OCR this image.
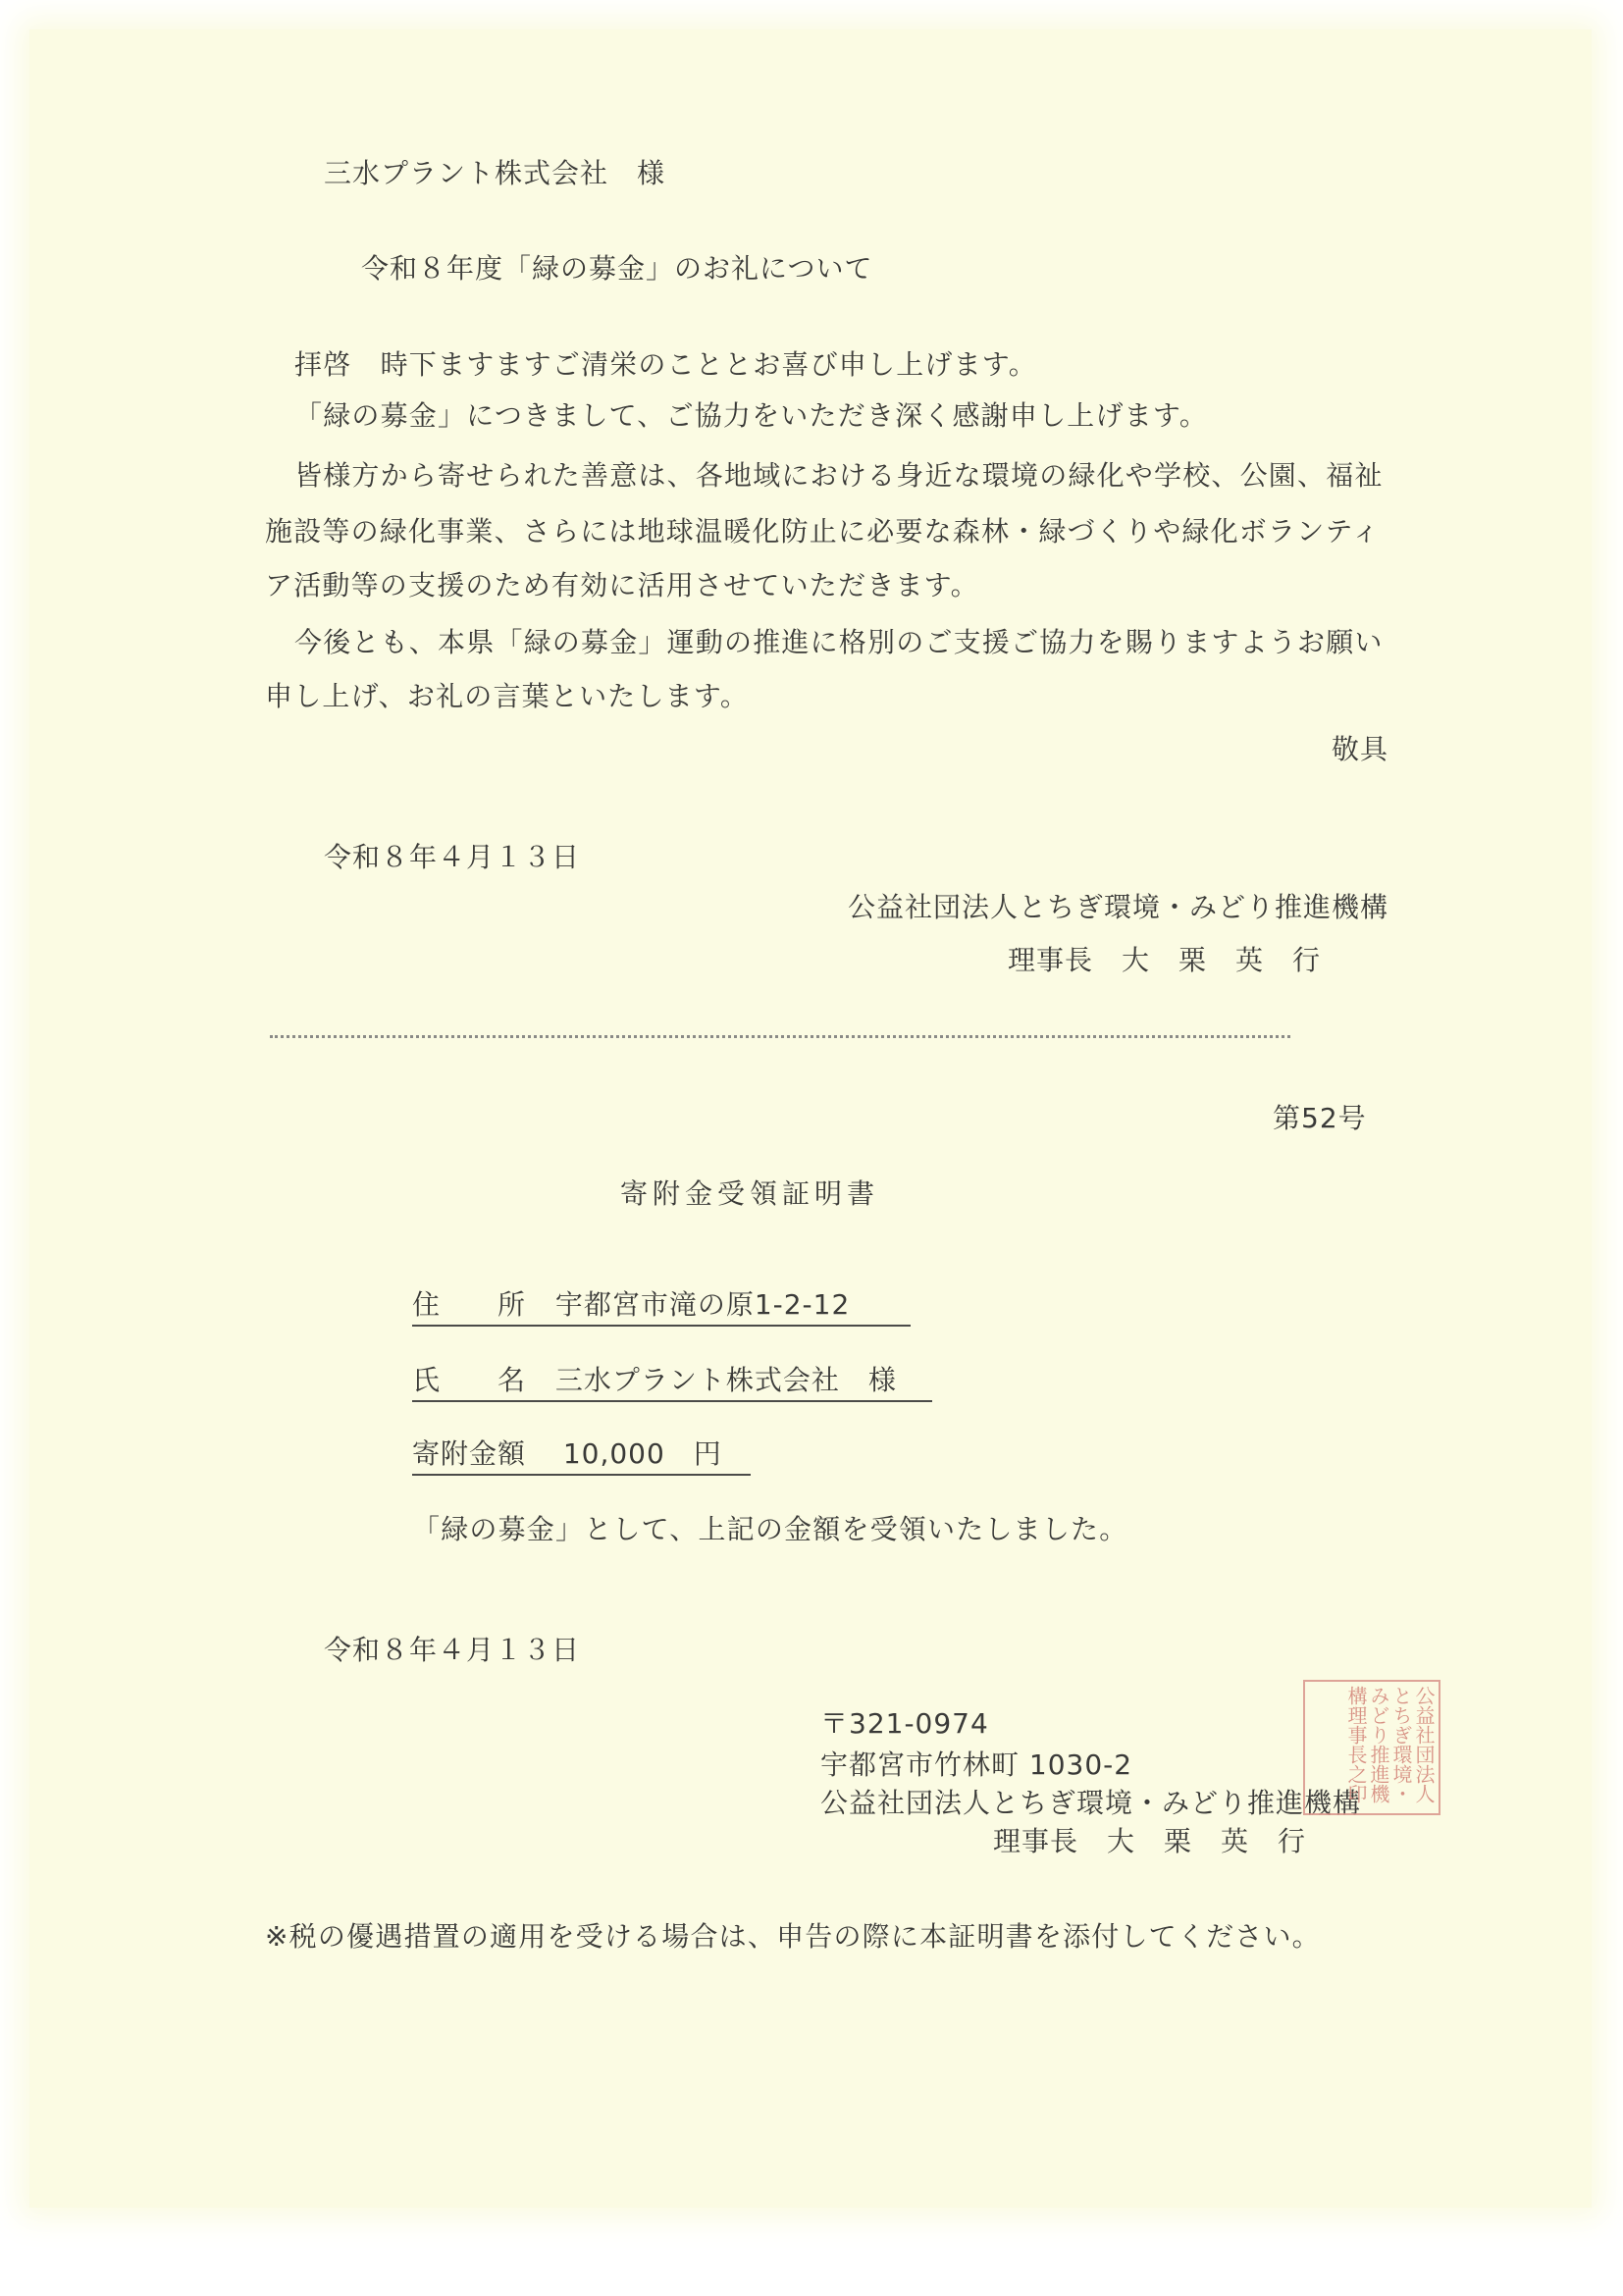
三水プラント株式会社　様
令和８年度「緑の募金」のお礼について
拝啓　時下ますますご清栄のこととお喜び申し上げます。
「緑の募金」につきまして、ご協力をいただき深く感謝申し上げます。
皆様方から寄せられた善意は、各地域における身近な環境の緑化や学校、公園、福祉
施設等の緑化事業、さらには地球温暖化防止に必要な森林・緑づくりや緑化ボランティ
ア活動等の支援のため有効に活用させていただきます。
今後とも、本県「緑の募金」運動の推進に格別のご支援ご協力を賜りますようお願い
申し上げ、お礼の言葉といたします。
敬具
令和８年４月１３日
公益社団法人とちぎ環境・みどり推進機構
理事長　大　栗　英　行
第52号
寄附金受領証明書
住　　所 宇都宮市滝の原1-2-12
氏　　名 三水プラント株式会社　様
寄附金額 10,000　円
「緑の募金」として、上記の金額を受領いたしました。
令和８年４月１３日
〒321-0974
宇都宮市竹林町 1030-2
公益社団法人とちぎ環境・みどり推進機構
理事長　大　栗　英　行
公益社団法人とちぎ環境・みどり推進機構理事長之印
※税の優遇措置の適用を受ける場合は、申告の際に本証明書を添付してください。
